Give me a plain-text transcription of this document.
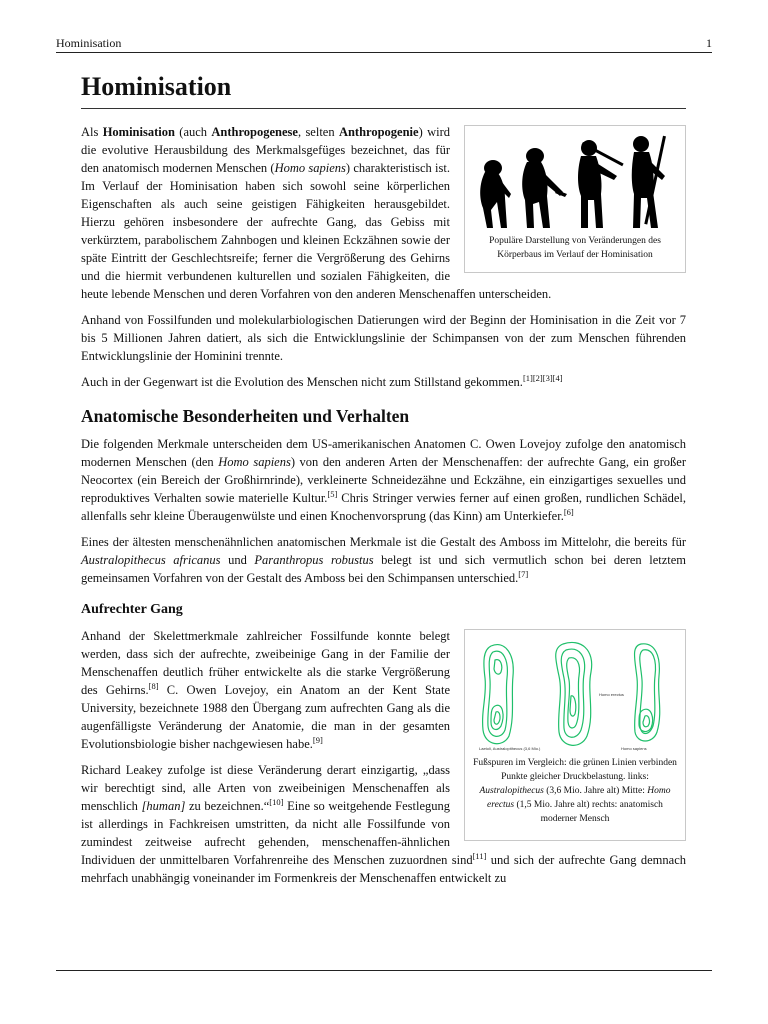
Hominisation	1
Hominisation
Populäre Darstellung von Veränderungen des Körperbaus im Verlauf der Hominisation

Als Hominisation (auch Anthropogenese, selten Anthropogenie) wird die evolutive Herausbildung des Merkmalsgefüges bezeichnet, das für den anatomisch modernen Menschen (Homo sapiens) charakteristisch ist. Im Verlauf der Hominisation haben sich sowohl seine körperlichen Eigenschaften als auch seine geistigen Fähigkeiten herausgebildet. Hierzu gehören insbesondere der aufrechte Gang, das Gebiss mit verkürztem, parabolischem Zahnbogen und kleinen Eckzähnen sowie der späte Eintritt der Geschlechtsreife; ferner die Vergrößerung des Gehirns und die hiermit verbundenen kulturellen und sozialen Fähigkeiten, die heute lebende Menschen und deren Vorfahren von den anderen Menschenaffen unterscheiden.

Anhand von Fossilfunden und molekularbiologischen Datierungen wird der Beginn der Hominisation in die Zeit vor 7 bis 5 Millionen Jahren datiert, als sich die Entwicklungslinie der Schimpansen von der zum Menschen führenden Entwicklungslinie der Hominini trennte.

Auch in der Gegenwart ist die Evolution des Menschen nicht zum Stillstand gekommen.[1][2][3][4]

Anatomische Besonderheiten und Verhalten

Die folgenden Merkmale unterscheiden dem US-amerikanischen Anatomen C. Owen Lovejoy zufolge den anatomisch modernen Menschen (den Homo sapiens) von den anderen Arten der Menschenaffen: der aufrechte Gang, ein großer Neocortex (ein Bereich der Großhirnrinde), verkleinerte Schneidezähne und Eckzähne, ein einzigartiges sexuelles und reproduktives Verhalten sowie materielle Kultur.[5] Chris Stringer verwies ferner auf einen großen, rundlichen Schädel, allenfalls sehr kleine Überaugenwülste und einen Knochenvorsprung (das Kinn) am Unterkiefer.[6]

Eines der ältesten menschenähnlichen anatomischen Merkmale ist die Gestalt des Amboss im Mittelohr, die bereits für Australopithecus africanus und Paranthropus robustus belegt ist und sich vermutlich schon bei deren letztem gemeinsamen Vorfahren von der Gestalt des Amboss bei den Schimpansen unterschied.[7]

Aufrechter Gang
Laetoli, Australopithecus (3,6 Mio.)
Homo erectus
Homo sapiens
Fußspuren im Vergleich: die grünen Linien verbinden Punkte gleicher Druckbelastung. links: Australopithecus (3,6 Mio. Jahre alt) Mitte: Homo erectus (1,5 Mio. Jahre alt) rechts: anatomisch moderner Mensch

Anhand der Skelettmerkmale zahlreicher Fossilfunde konnte belegt werden, dass sich der aufrechte, zweibeinige Gang in der Familie der Menschenaffen deutlich früher entwickelte als die starke Vergrößerung des Gehirns.[8] C. Owen Lovejoy, ein Anatom an der Kent State University, bezeichnete 1988 den Übergang zum aufrechten Gang als die augenfälligste Veränderung der Anatomie, die man in der gesamten Evolutionsbiologie bisher nachgewiesen habe.[9]

Richard Leakey zufolge ist diese Veränderung derart einzigartig, „dass wir berechtigt sind, alle Arten von zweibeinigen Menschenaffen als menschlich [human] zu bezeichnen.“[10] Eine so weitgehende Festlegung ist allerdings in Fachkreisen umstritten, da nicht alle Fossilfunde von zumindest zeitweise aufrecht gehenden, menschenaffen-ähnlichen Individuen der unmittelbaren Vorfahrenreihe des Menschen zuzuordnen sind[11] und sich der aufrechte Gang demnach mehrfach unabhängig voneinander im Formenkreis der Menschenaffen entwickelt zu
